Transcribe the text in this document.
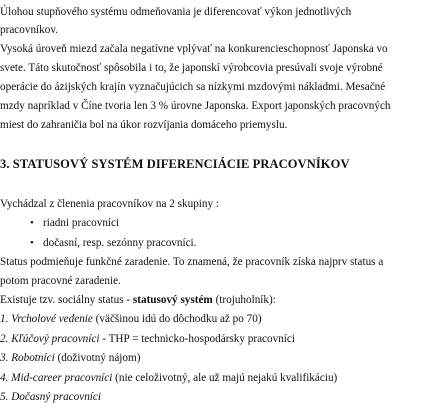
Úlohou stupňového systému odmeňovania je diferencovať výkon jednotlivých
pracovníkov.
Vysoká úroveň miezd začala negatívne vplývať na konkurencieschopnosť Japonska vo
svete. Táto skutočnosť spôsobila i to, že japonskí výrobcovia presúvali svoje výrobné
operácie do ázijských krajín vyznačujúcich sa nízkymi mzdovými nákladmi. Mesačné
mzdy napríklad v Číne tvoria len 3 % úrovne Japonska. Export japonských pracovných
miest do zahraničia bol na úkor rozvíjania domáceho priemyslu.
3. STATUSOVÝ SYSTÉM DIFERENCIÁCIE PRACOVNÍKOV
Vychádzal z členenia pracovníkov na 2 skupiny :
• riadni pracovníci
• dočasní, resp. sezónny pracovníci.
Status podmieňuje funkčné zaradenie. To znamená, že pracovník získa najprv status a
potom pracovné zaradenie.
Existuje tzv. sociálny status - statusový systém (trojuholník):
1. Vrcholové vedenie (väčšinou idú do dôchodku až po 70)
2. Kľúčový pracovníci - THP = technicko-hospodársky pracovníci
3. Robotníci (doživotný nájom)
4. Mid-career pracovníci (nie celoživotný, ale už majú nejakú kvalifikáciu)
5. Dočasný pracovníci
